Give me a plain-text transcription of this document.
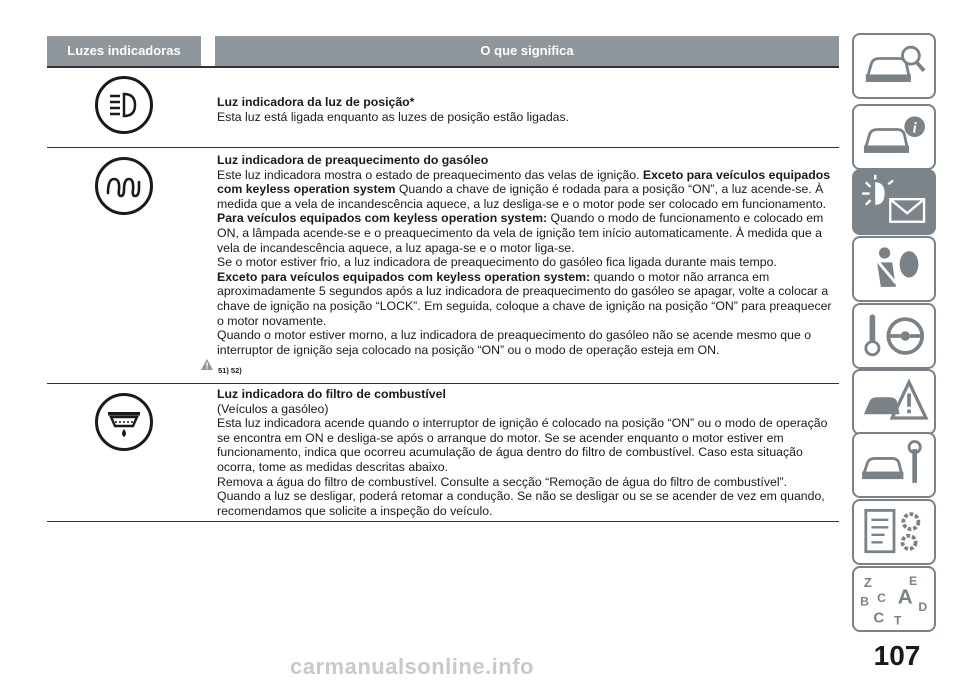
Luzes indicadoras	O que significa

Luz indicadora da luz de posição*

Esta luz está ligada enquanto as luzes de posição estão ligadas.

Luz indicadora de preaquecimento do gasóleo

Este luz indicadora mostra o estado de preaquecimento das velas de ignição. Exceto para veículos equipados com keyless operation system Quando a chave de ignição é rodada para a posição “ON”, a luz acende-se. À medida que a vela de incandescência aquece, a luz desliga-se e o motor pode ser colocado em funcionamento. Para veículos equipados com keyless operation system: Quando o modo de funcionamento e colocado em ON, a lâmpada acende-se e o preaquecimento da vela de ignição tem início automaticamente. À medida que a vela de incandescência aquece, a luz apaga-se e o motor liga-se.

Se o motor estiver frio, a luz indicadora de preaquecimento do gasóleo fica ligada durante mais tempo.

Exceto para veículos equipados com keyless operation system: quando o motor não arranca em aproximadamente 5 segundos após a luz indicadora de preaquecimento do gasóleo se apagar, volte a colocar a chave de ignição na posição “LOCK”. Em seguida, coloque a chave de ignição na posição “ON” para preaquecer o motor novamente.

Quando o motor estiver morno, a luz indicadora de preaquecimento do gasóleo não se acende mesmo que o interruptor de ignição seja colocado na posição “ON” ou o modo de operação esteja em ON.

51) 52)

Luz indicadora do filtro de combustível

(Veículos a gasóleo)

Esta luz indicadora acende quando o interruptor de ignição é colocado na posição “ON” ou o modo de operação se encontra em ON e desliga-se após o arranque do motor. Se se acender enquanto o motor estiver em funcionamento, indica que ocorreu acumulação de água dentro do filtro de combustível. Caso esta situação ocorra, tome as medidas descritas abaixo.

Remova a água do filtro de combustível. Consulte a secção “Remoção de água do filtro de combustível”.

Quando a luz se desligar, poderá retomar a condução. Se não se desligar ou se se acender de vez em quando, recomendamos que solicite a inspeção do veículo.

i
Z	E
B C A D
C T
107
carmanualsonline.info
